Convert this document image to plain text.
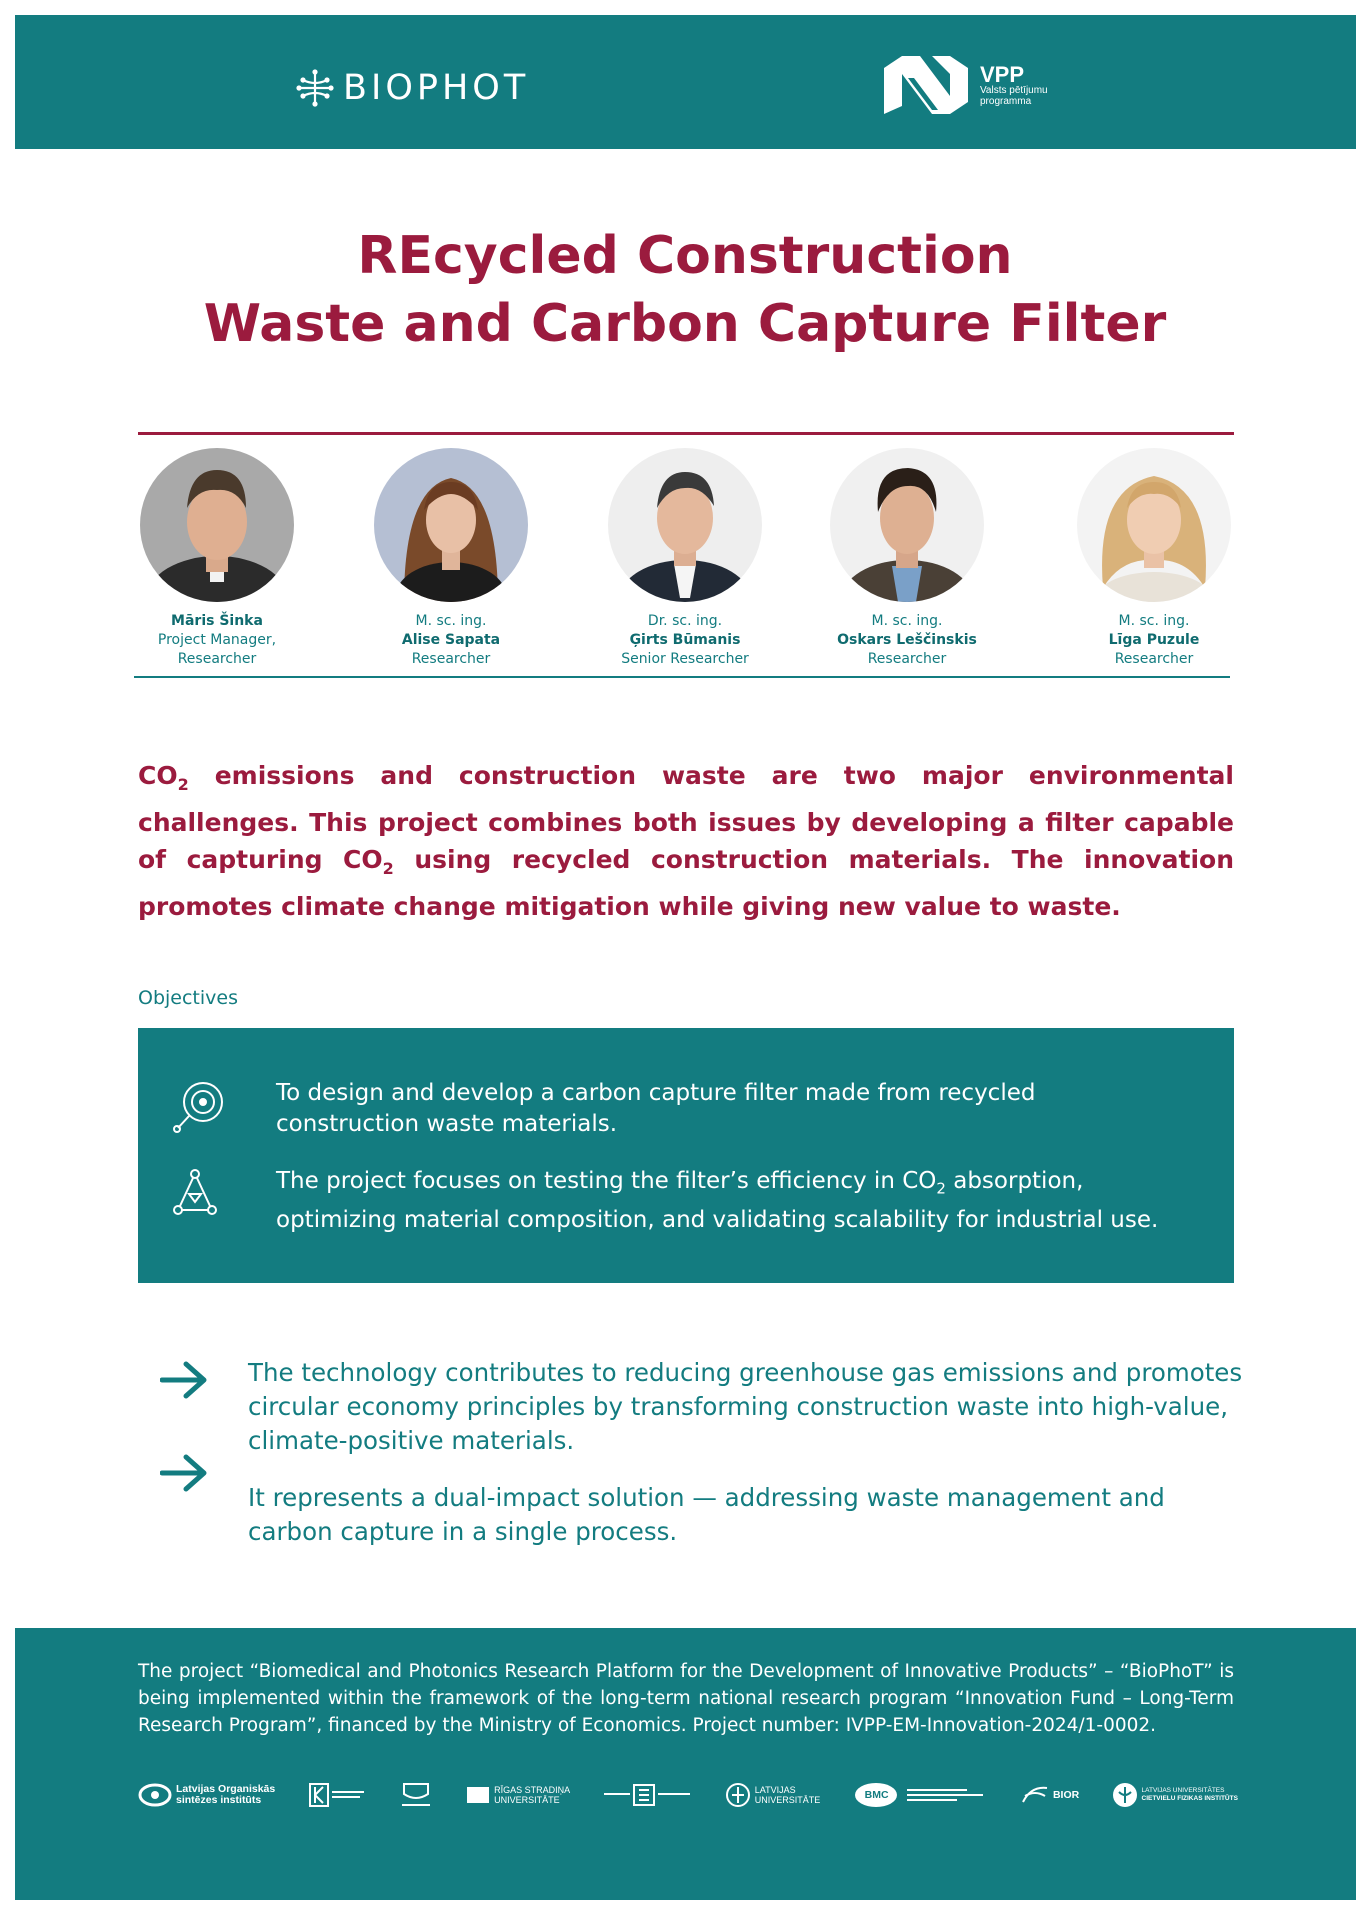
BIOPHOT	VPP
Valsts pētījumu
programma
REcycled Construction
Waste and Carbon Capture Filter
Māris Šinka
Project Manager,
Researcher
M. sc. ing.
Alise Sapata
Researcher
Dr. sc. ing.
Ģirts Būmanis
Senior Researcher
M. sc. ing.
Oskars Leščinskis
Researcher
M. sc. ing.
Līga Puzule
Researcher

$CO_2$ emissions and construction waste are two major environmental challenges. This project combines both issues by developing a filter capable of capturing $CO_2$ using recycled construction materials. The innovation promotes climate change mitigation while giving new value to waste.

Objectives
To design and develop a carbon capture filter made from recycled construction waste materials.
The project focuses on testing the filter’s efficiency in $CO_2$ absorption, optimizing material composition, and validating scalability for industrial use.
The technology contributes to reducing greenhouse gas emissions and promotes circular economy principles by transforming construction waste into high-value, climate-positive materials.
It represents a dual-impact solution — addressing waste management and carbon capture in a single process.

The project “Biomedical and Photonics Research Platform for the Development of Innovative Products” – “BioPhoT” is being implemented within the framework of the long-term national research program “Innovation Fund – Long-Term Research Program”, financed by the Ministry of Economics. Project number: IVPP-EM-Innovation-2024/1-0002.

Latvijas Organiskās
sintēzes institūts
RĪGAS STRADIŅA
UNIVERSITĀTE
LATVIJAS
UNIVERSITĀTE	BMC	BIOR	LATVIJAS UNIVERSITĀTES
CIETVIELU FIZIKAS INSTITŪTS
